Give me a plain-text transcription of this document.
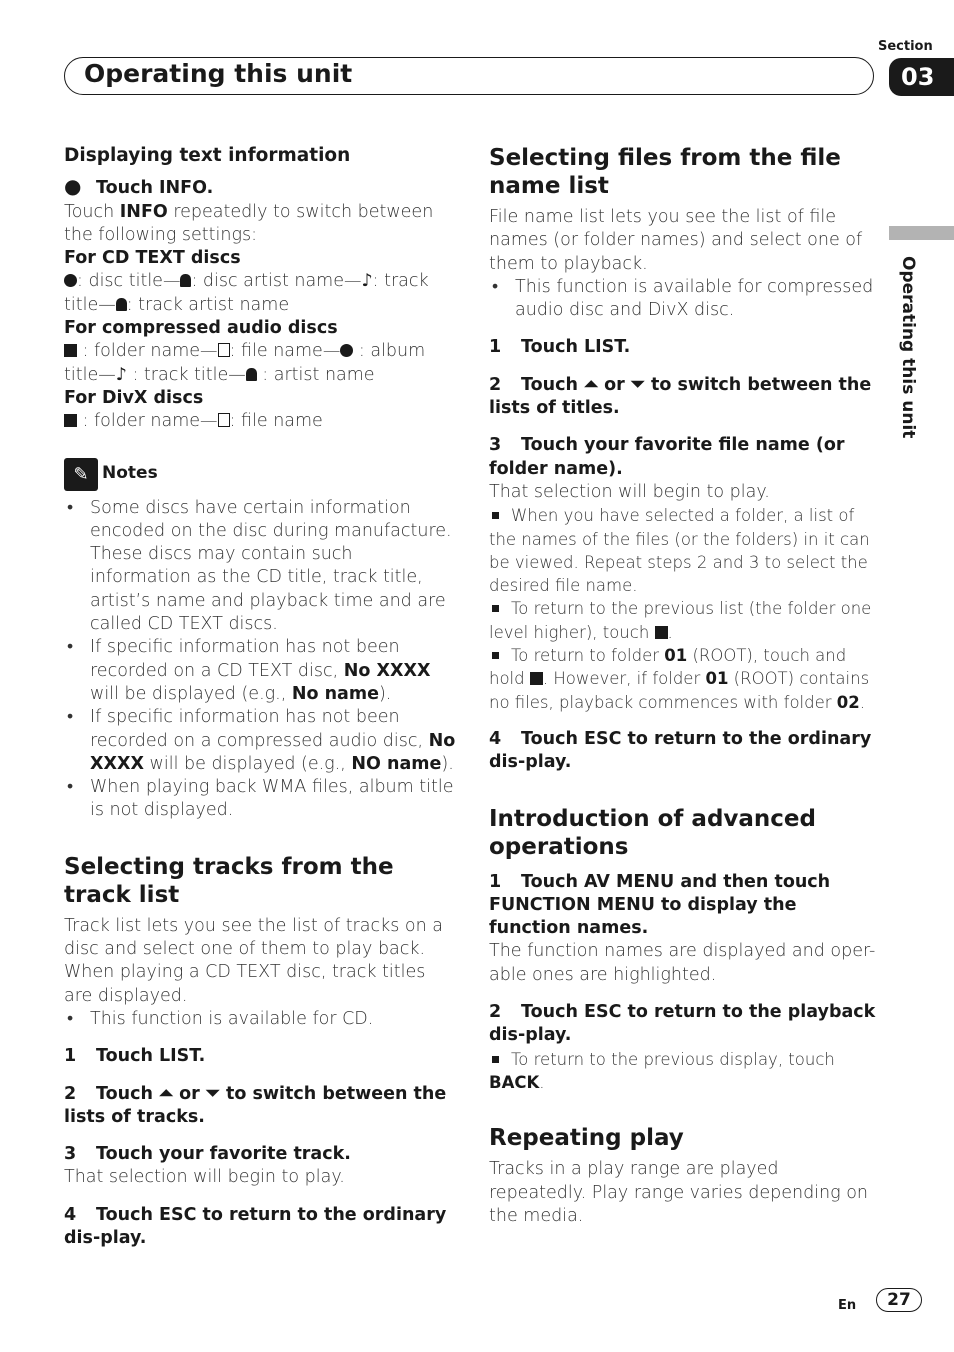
Section
03
Operating this unit
Operating this unit

Displaying text information

● Touch INFO.

Touch INFO repeatedly to switch between the following settings:

For CD TEXT discs

: disc title— : disc artist name—♪: track title— : track artist name

For compressed audio discs

: folder name— : file name— : album title—♪ : track title— : artist name

For DivX discs

: folder name— : file name

✎ Notes

• Some discs have certain information encoded on the disc during manufacture. These discs may contain such information as the CD title, track title, artist’s name and playback time and are called CD TEXT discs.
• If specific information has not been recorded on a CD TEXT disc, No XXXX will be displayed (e.g., No name).
• If specific information has not been recorded on a compressed audio disc, No XXXX will be displayed (e.g., NO name).
• When playing back WMA files, album title is not displayed.

Selecting tracks from the track list

Track list lets you see the list of tracks on a disc and select one of them to play back. When playing a CD TEXT disc, track titles are displayed.

• This function is available for CD.

1 Touch LIST.

2 Touch ⏶ or ⏷ to switch between the lists of tracks.

3 Touch your favorite track.

That selection will begin to play.

4 Touch ESC to return to the ordinary dis-play.

Selecting files from the file name list

File name list lets you see the list of file names (or folder names) and select one of them to playback.

• This function is available for compressed audio disc and DivX disc.

1 Touch LIST.

2 Touch ⏶ or ⏷ to switch between the lists of titles.

3 Touch your favorite file name (or folder name).

That selection will begin to play.

When you have selected a folder, a list of the names of the files (or the folders) in it can be viewed. Repeat steps 2 and 3 to select the desired file name.

To return to the previous list (the folder one level higher), touch .

To return to folder 01 (ROOT), touch and hold . However, if folder 01 (ROOT) contains no files, playback commences with folder 02.

4 Touch ESC to return to the ordinary dis-play.

Introduction of advanced operations

1 Touch AV MENU and then touch FUNCTION MENU to display the function names.

The function names are displayed and oper-able ones are highlighted.

2 Touch ESC to return to the playback dis-play.

To return to the previous display, touch BACK.

Repeating play

Tracks in a play range are played repeatedly. Play range varies depending on the media.

En	27
